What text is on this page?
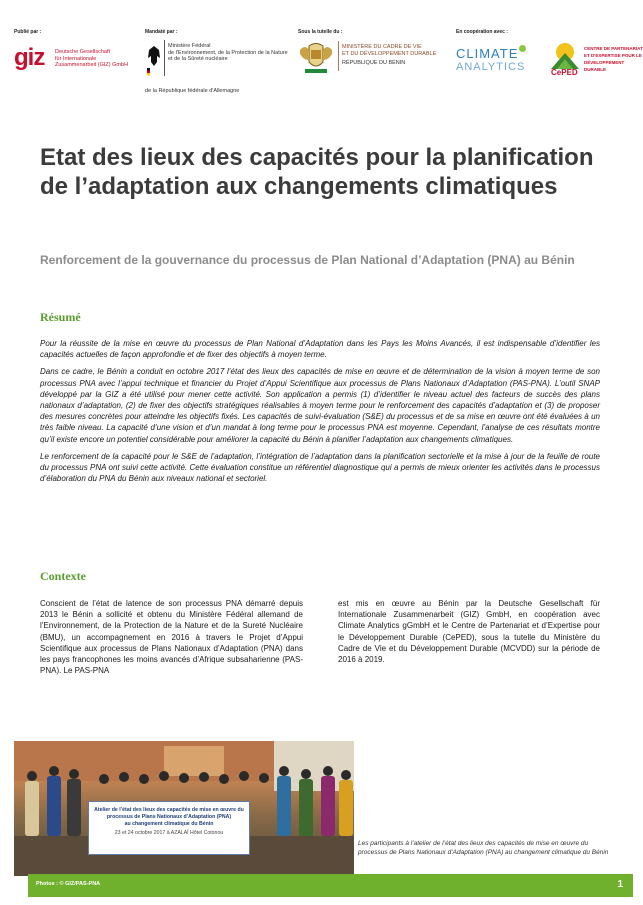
Publié par :
giz Deutsche Gesellschaft
für Internationale
Zusammenarbeit (GIZ) GmbH
Mandaté par :
Ministère Fédéral
de l'Environnement, de la Protection de la Nature
et de la Sûreté nucléaire
de la République fédérale d'Allemagne
Sous la tutelle du :
MINISTÈRE DU CADRE DE VIE
ET DU DÉVELOPPEMENT DURABLE
RÉPUBLIQUE DU BÉNIN
En coopération avec :
CLIMATE
ANALYTICS	CePED
CENTRE DE PARTENARIAT
ET D'EXPERTISE POUR LE
DÉVELOPPEMENT DURABLE
Etat des lieux des capacités pour la planification de l’adaptation aux changements climatiques
Renforcement de la gouvernance du processus de Plan National d’Adaptation (PNA) au Bénin
Résumé

Pour la réussite de la mise en œuvre du processus de Plan National d’Adaptation dans les Pays les Moins Avancés, il est indispensable d’identifier les capacités actuelles de façon approfondie et de fixer des objectifs à moyen terme.

Dans ce cadre, le Bénin a conduit en octobre 2017 l’état des lieux des capacités de mise en œuvre et de détermination de la vision à moyen terme de son processus PNA avec l’appui technique et financier du Projet d’Appui Scientifique aux processus de Plans Nationaux d’Adaptation (PAS-PNA). L’outil SNAP développé par la GIZ a été utilisé pour mener cette activité. Son application a permis (1) d’identifier le niveau actuel des facteurs de succès des plans nationaux d’adaptation, (2) de fixer des objectifs stratégiques réalisables à moyen terme pour le renforcement des capacités d’adaptation et (3) de proposer des mesures concrètes pour atteindre les objectifs fixés. Les capacités de suivi-évaluation (S&E) du processus et de sa mise en œuvre ont été évaluées à un très faible niveau. La capacité d’une vision et d’un mandat à long terme pour le processus PNA est moyenne. Cependant, l’analyse de ces résultats montre qu’il existe encore un potentiel considérable pour améliorer la capacité du Bénin à planifier l’adaptation aux changements climatiques.

Le renforcement de la capacité pour le S&E de l’adaptation, l’intégration de l’adaptation dans la planification sectorielle et la mise à jour de la feuille de route du processus PNA ont suivi cette activité. Cette évaluation constitue un référentiel diagnostique qui a permis de mieux orienter les activités dans le processus d’élaboration du PNA du Bénin aux niveaux national et sectoriel.

Contexte

Conscient de l’état de latence de son processus PNA démarré depuis 2013 le Bénin a sollicité et obtenu du Ministère Fédéral allemand de l’Environnement, de la Protection de la Nature et de la Sureté Nucléaire (BMU), un accompagnement en 2016 à travers le Projet d’Appui Scientifique aux processus de Plans Nationaux d’Adaptation (PNA) dans les pays francophones les moins avancés d’Afrique subsaharienne (PAS-PNA). Le PAS-PNA

est mis en œuvre au Bénin par la Deutsche Gesellschaft für Internationale Zusammenarbeit (GIZ) GmbH, en coopération avec Climate Analytics gGmbH et le Centre de Partenariat et d’Expertise pour le Développement Durable (CePED), sous la tutelle du Ministère du Cadre de Vie et du Développement Durable (MCVDD) sur la période de 2016 à 2019.

Atelier de l’état des lieux des capacités de mise en œuvre du
processus de Plans Nationaux d’Adaptation (PNA)
au changement climatique du Bénin
23 et 24 octobre 2017 à AZALAÏ Hôtel Cotonou
Les participants à l’atelier de l’état des lieux des capacités de mise en œuvre du processus de Plans Nationaux d’Adaptation (PNA) au changement climatique du Bénin
Photos : © GIZ/PAS-PNA	1
